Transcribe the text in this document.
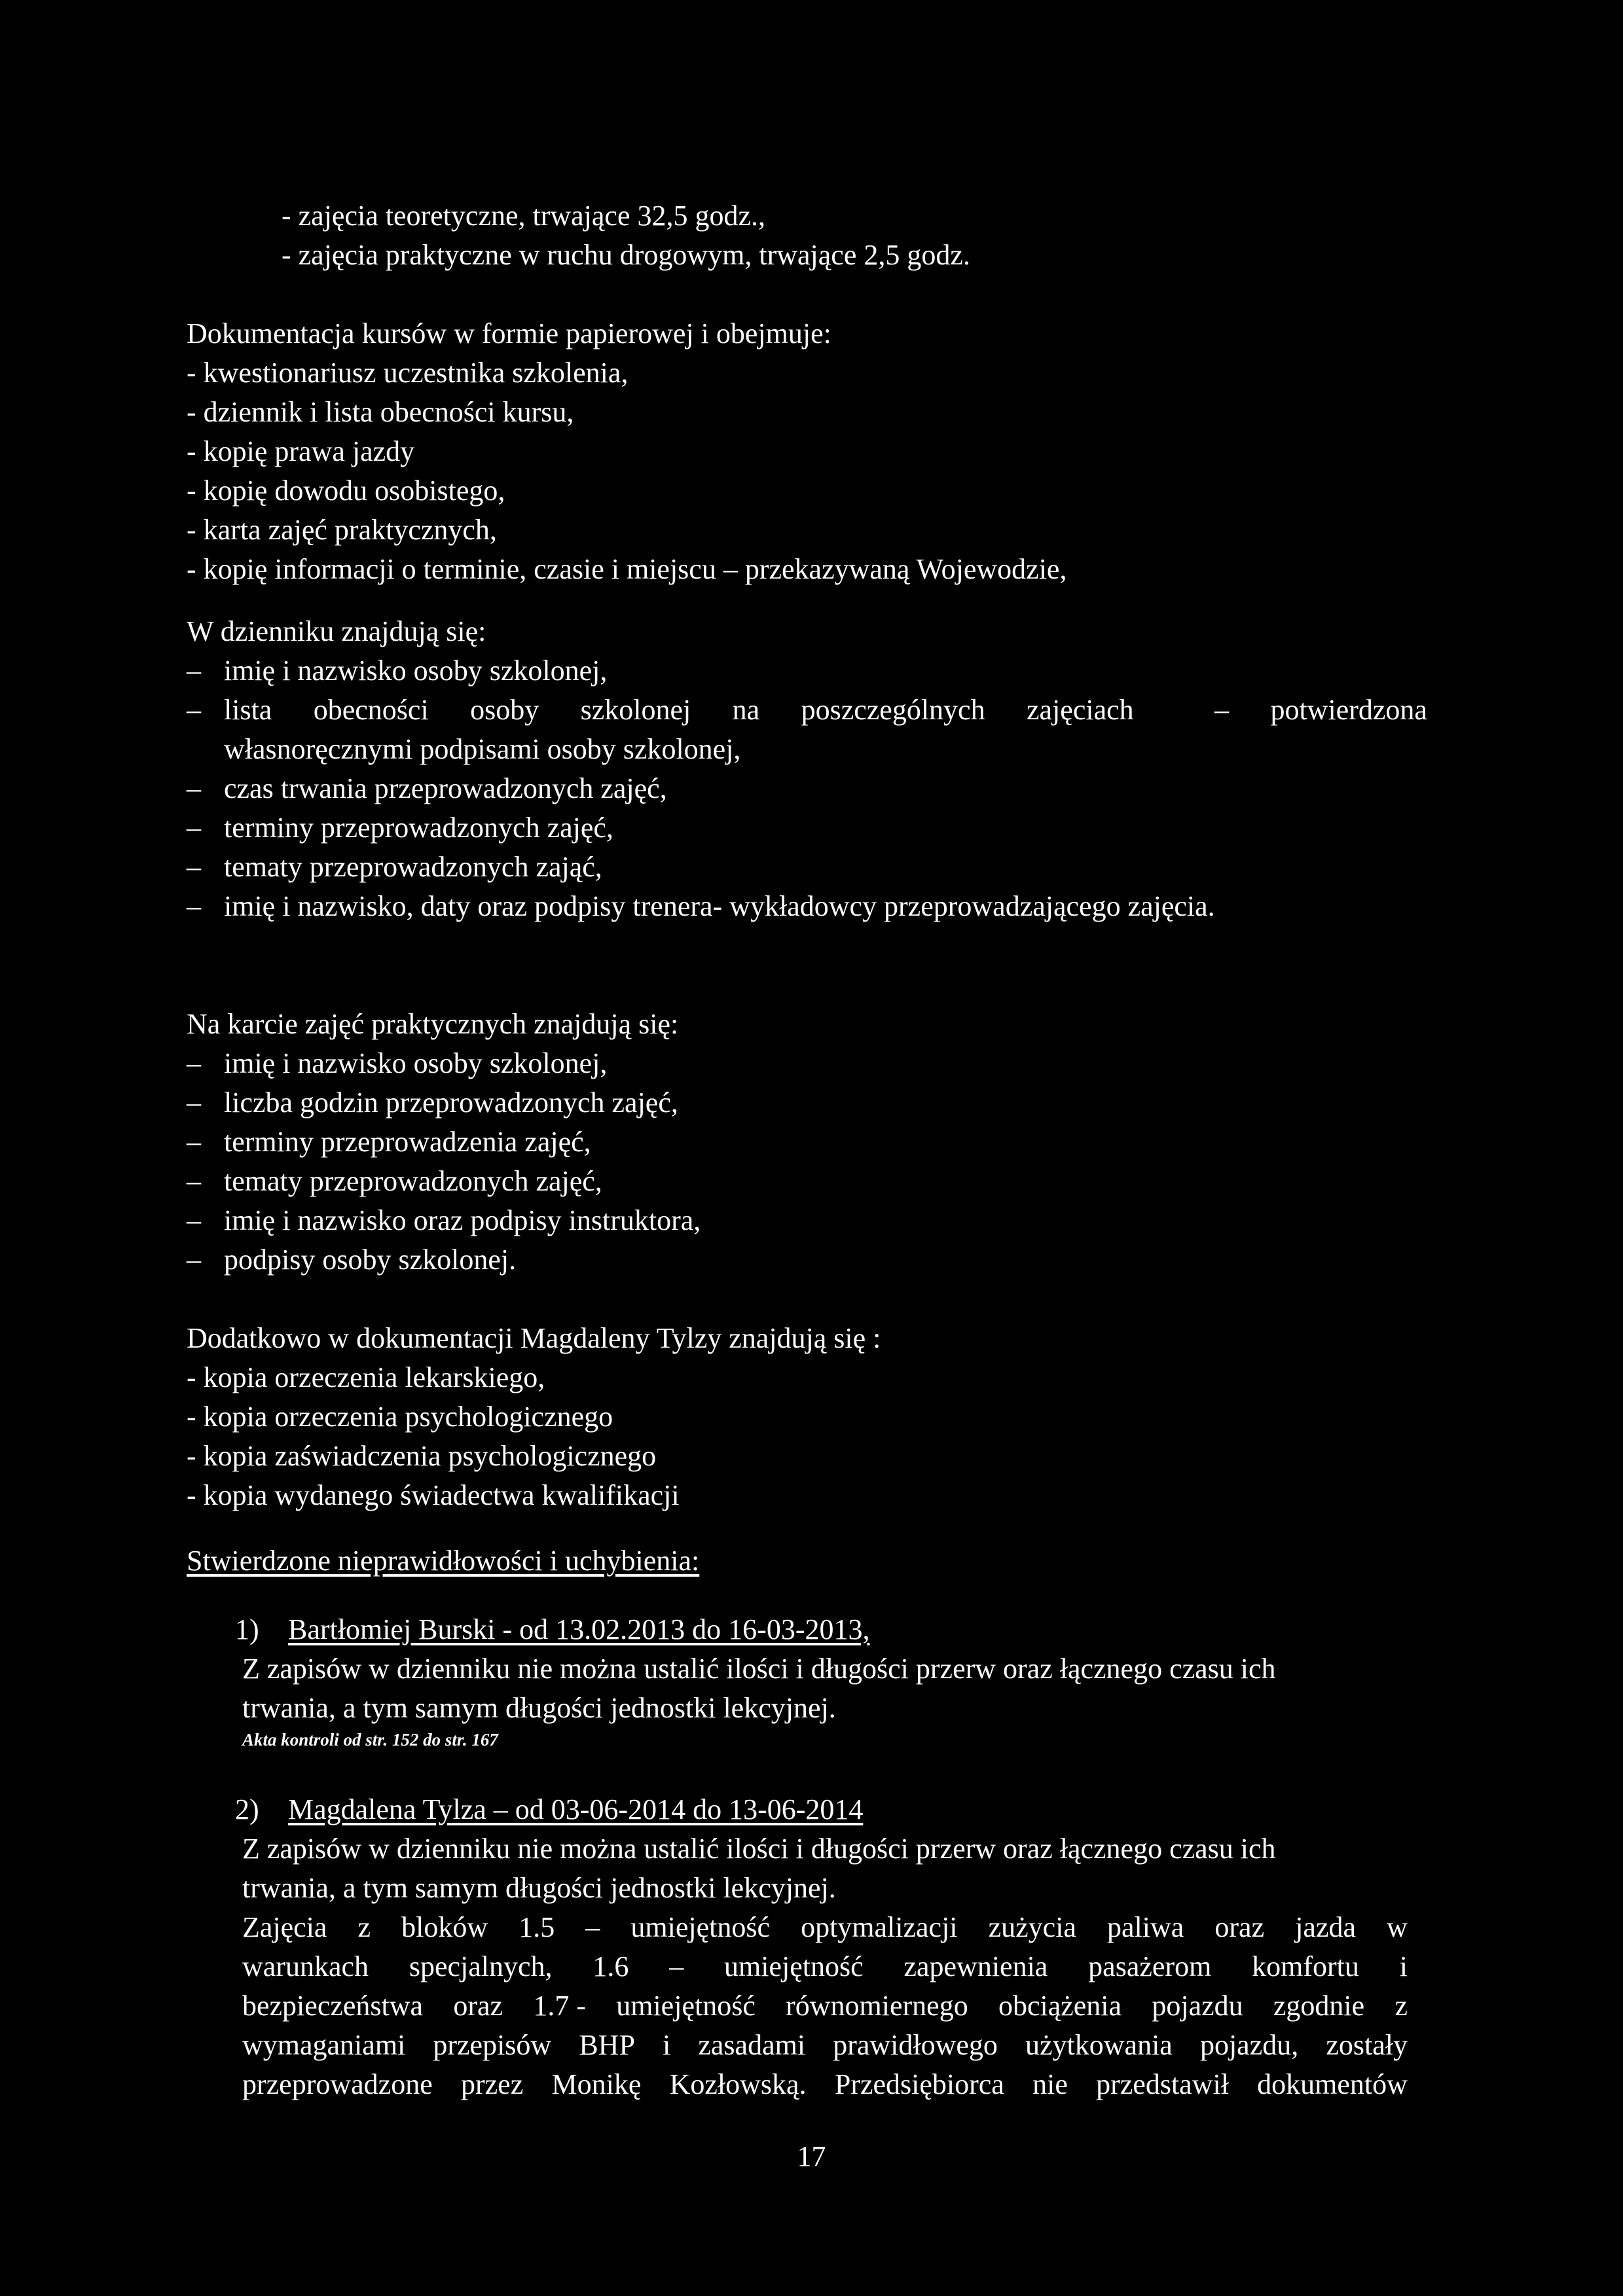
- zajęcia teoretyczne, trwające 32,5 godz.,
- zajęcia praktyczne w ruchu drogowym, trwające 2,5 godz.
Dokumentacja kursów w formie papierowej i obejmuje:
- kwestionariusz uczestnika szkolenia,
- dziennik i lista obecności kursu,
- kopię prawa jazdy
- kopię dowodu osobistego,
- karta zajęć praktycznych,
- kopię informacji o terminie, czasie i miejscu – przekazywaną Wojewodzie,
W dzienniku znajdują się:
– imię i nazwisko osoby szkolonej,
– lista obecności osoby szkolonej na poszczególnych zajęciach	– potwierdzona
własnoręcznymi podpisami osoby szkolonej,
– czas trwania przeprowadzonych zajęć,
– terminy przeprowadzonych zajęć,
– tematy przeprowadzonych zająć,
– imię i nazwisko, daty oraz podpisy trenera- wykładowcy przeprowadzającego zajęcia.
Na karcie zajęć praktycznych znajdują się:
– imię i nazwisko osoby szkolonej,
– liczba godzin przeprowadzonych zajęć,
– terminy przeprowadzenia zajęć,
– tematy przeprowadzonych zajęć,
– imię i nazwisko oraz podpisy instruktora,
– podpisy osoby szkolonej.
Dodatkowo w dokumentacji Magdaleny Tylzy znajdują się :
- kopia orzeczenia lekarskiego,
- kopia orzeczenia psychologicznego
- kopia zaświadczenia psychologicznego
- kopia wydanego świadectwa kwalifikacji
Stwierdzone nieprawidłowości i uchybienia:
1) Bartłomiej Burski - od 13.02.2013 do 16-03-2013,
Z zapisów w dzienniku nie można ustalić ilości i długości przerw oraz łącznego czasu ich
trwania, a tym samym długości jednostki lekcyjnej.
Akta kontroli od str. 152 do str. 167
2) Magdalena Tylza – od 03-06-2014 do 13-06-2014
Z zapisów w dzienniku nie można ustalić ilości i długości przerw oraz łącznego czasu ich
trwania, a tym samym długości jednostki lekcyjnej.
Zajęcia z bloków 1.5 – umiejętność optymalizacji zużycia paliwa oraz jazda w
warunkach specjalnych, 1.6 – umiejętność zapewnienia pasażerom komfortu i
bezpieczeństwa oraz 1.7 - umiejętność równomiernego obciążenia pojazdu zgodnie z
wymaganiami przepisów BHP i zasadami prawidłowego użytkowania pojazdu, zostały
przeprowadzone przez Monikę Kozłowską. Przedsiębiorca nie przedstawił dokumentów
17
